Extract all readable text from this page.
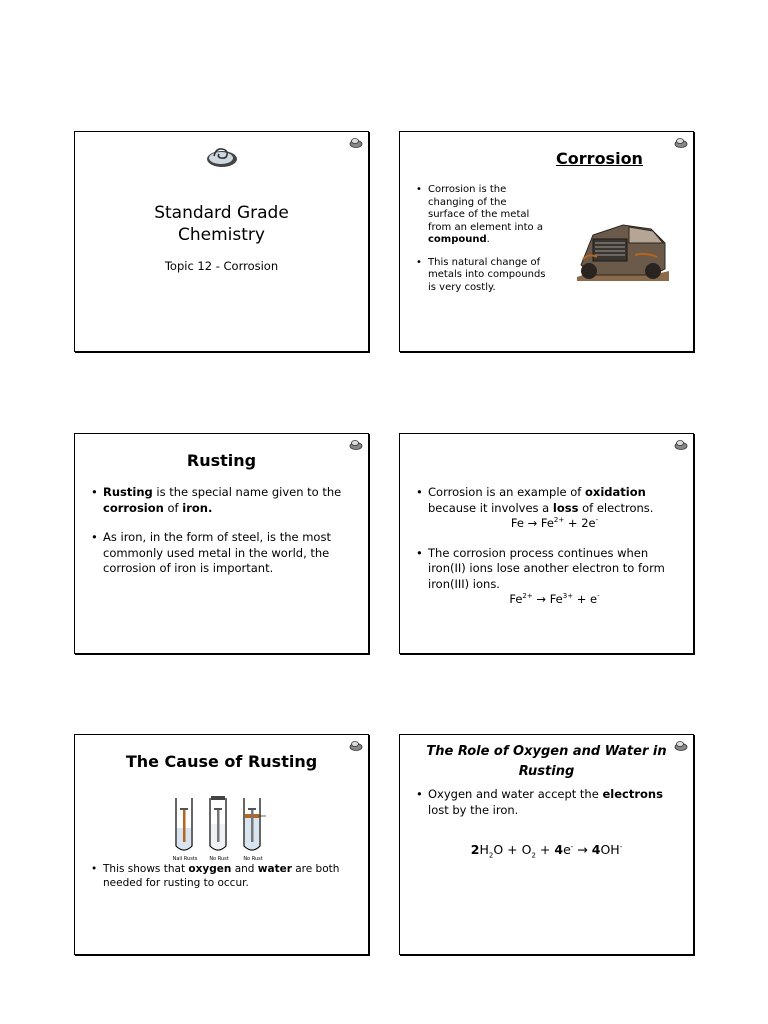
Standard Grade
Chemistry
Topic 12 - Corrosion
Corrosion
• Corrosion is the changing of the surface of the metal from an element into a compound.
• This natural change of metals into compounds is very costly.
Rusting
• Rusting is the special name given to the corrosion of iron.
• As iron, in the form of steel, is the most commonly used metal in the world, the corrosion of iron is important.
• Corrosion is an example of oxidation because it involves a loss of electrons.
$Fe \to Fe^{2+} + 2e^-$
• The corrosion process continues when iron(II) ions lose another electron to form iron(III) ions.
$Fe^{2+} \to Fe^{3+} + e^-$
The Cause of Rusting
Nail Rusts	No Rust	No Rust
• This shows that oxygen and water are both needed for rusting to occur.
The Role of Oxygen and Water in Rusting
• Oxygen and water accept the electrons lost by the iron.
$2H_2O + O_2 + 4e^- \to 4OH^-$
